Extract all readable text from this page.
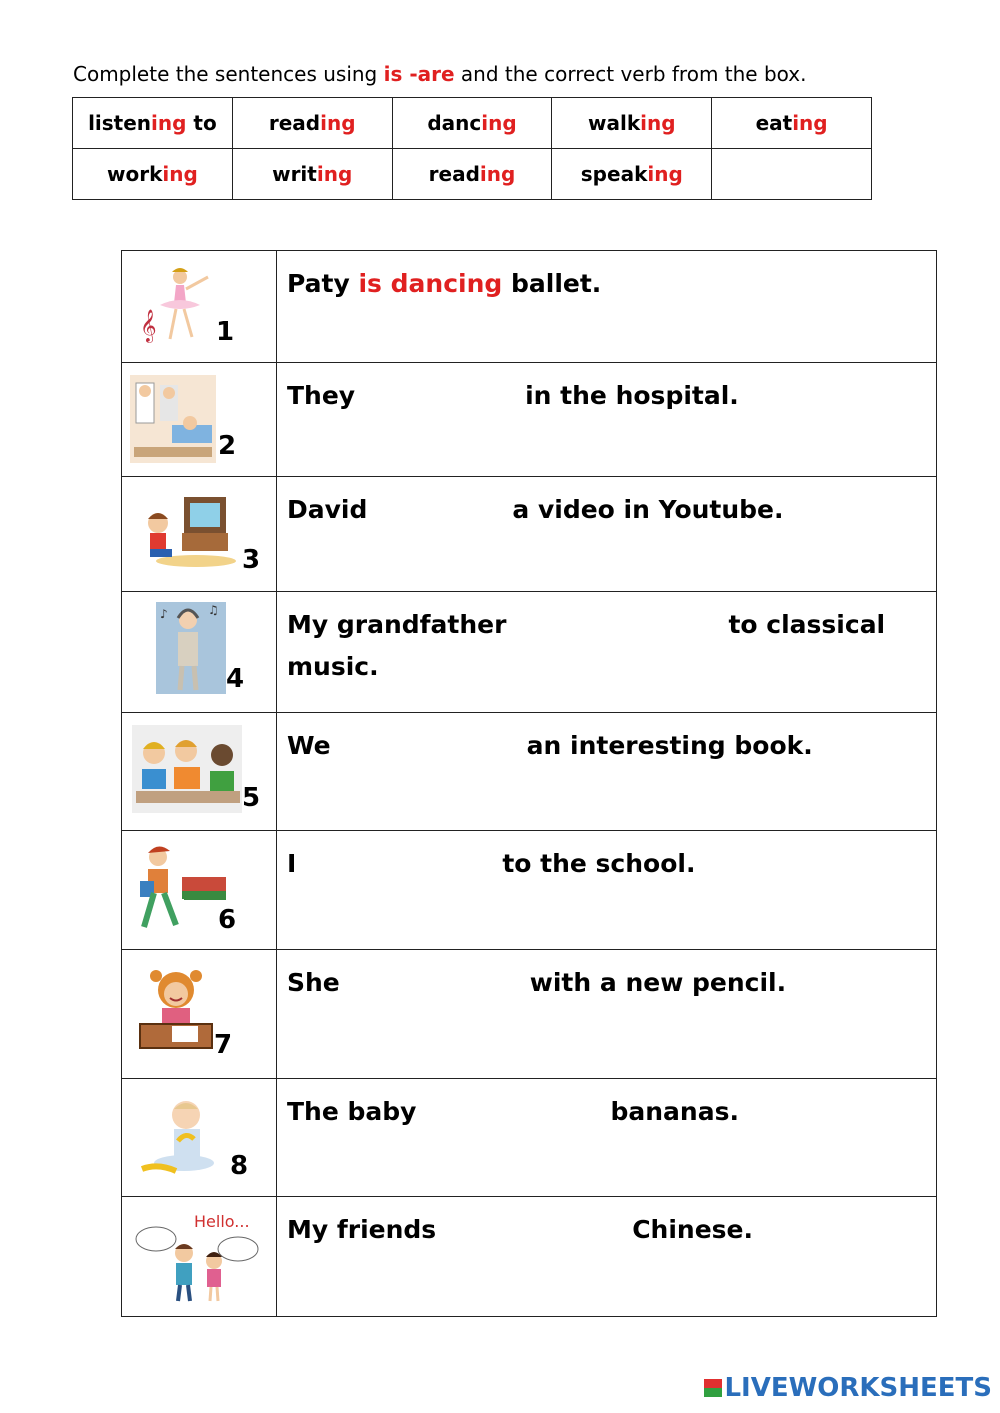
Complete the sentences using is -are and the correct verb from the box.
listening to	reading	dancing	walking	eating
working	writing	reading	speaking	
𝄞 1	Paty is dancing ballet.

2	They in the hospital.

3	David a video in Youtube.

♪ ♫
4	My grandfather to classical
music.

5	We an interesting book.

6	I to the school.

7	She with a new pencil.

8	The baby bananas.

Hello...	My friends Chinese.
LIVEWORKSHEETS
